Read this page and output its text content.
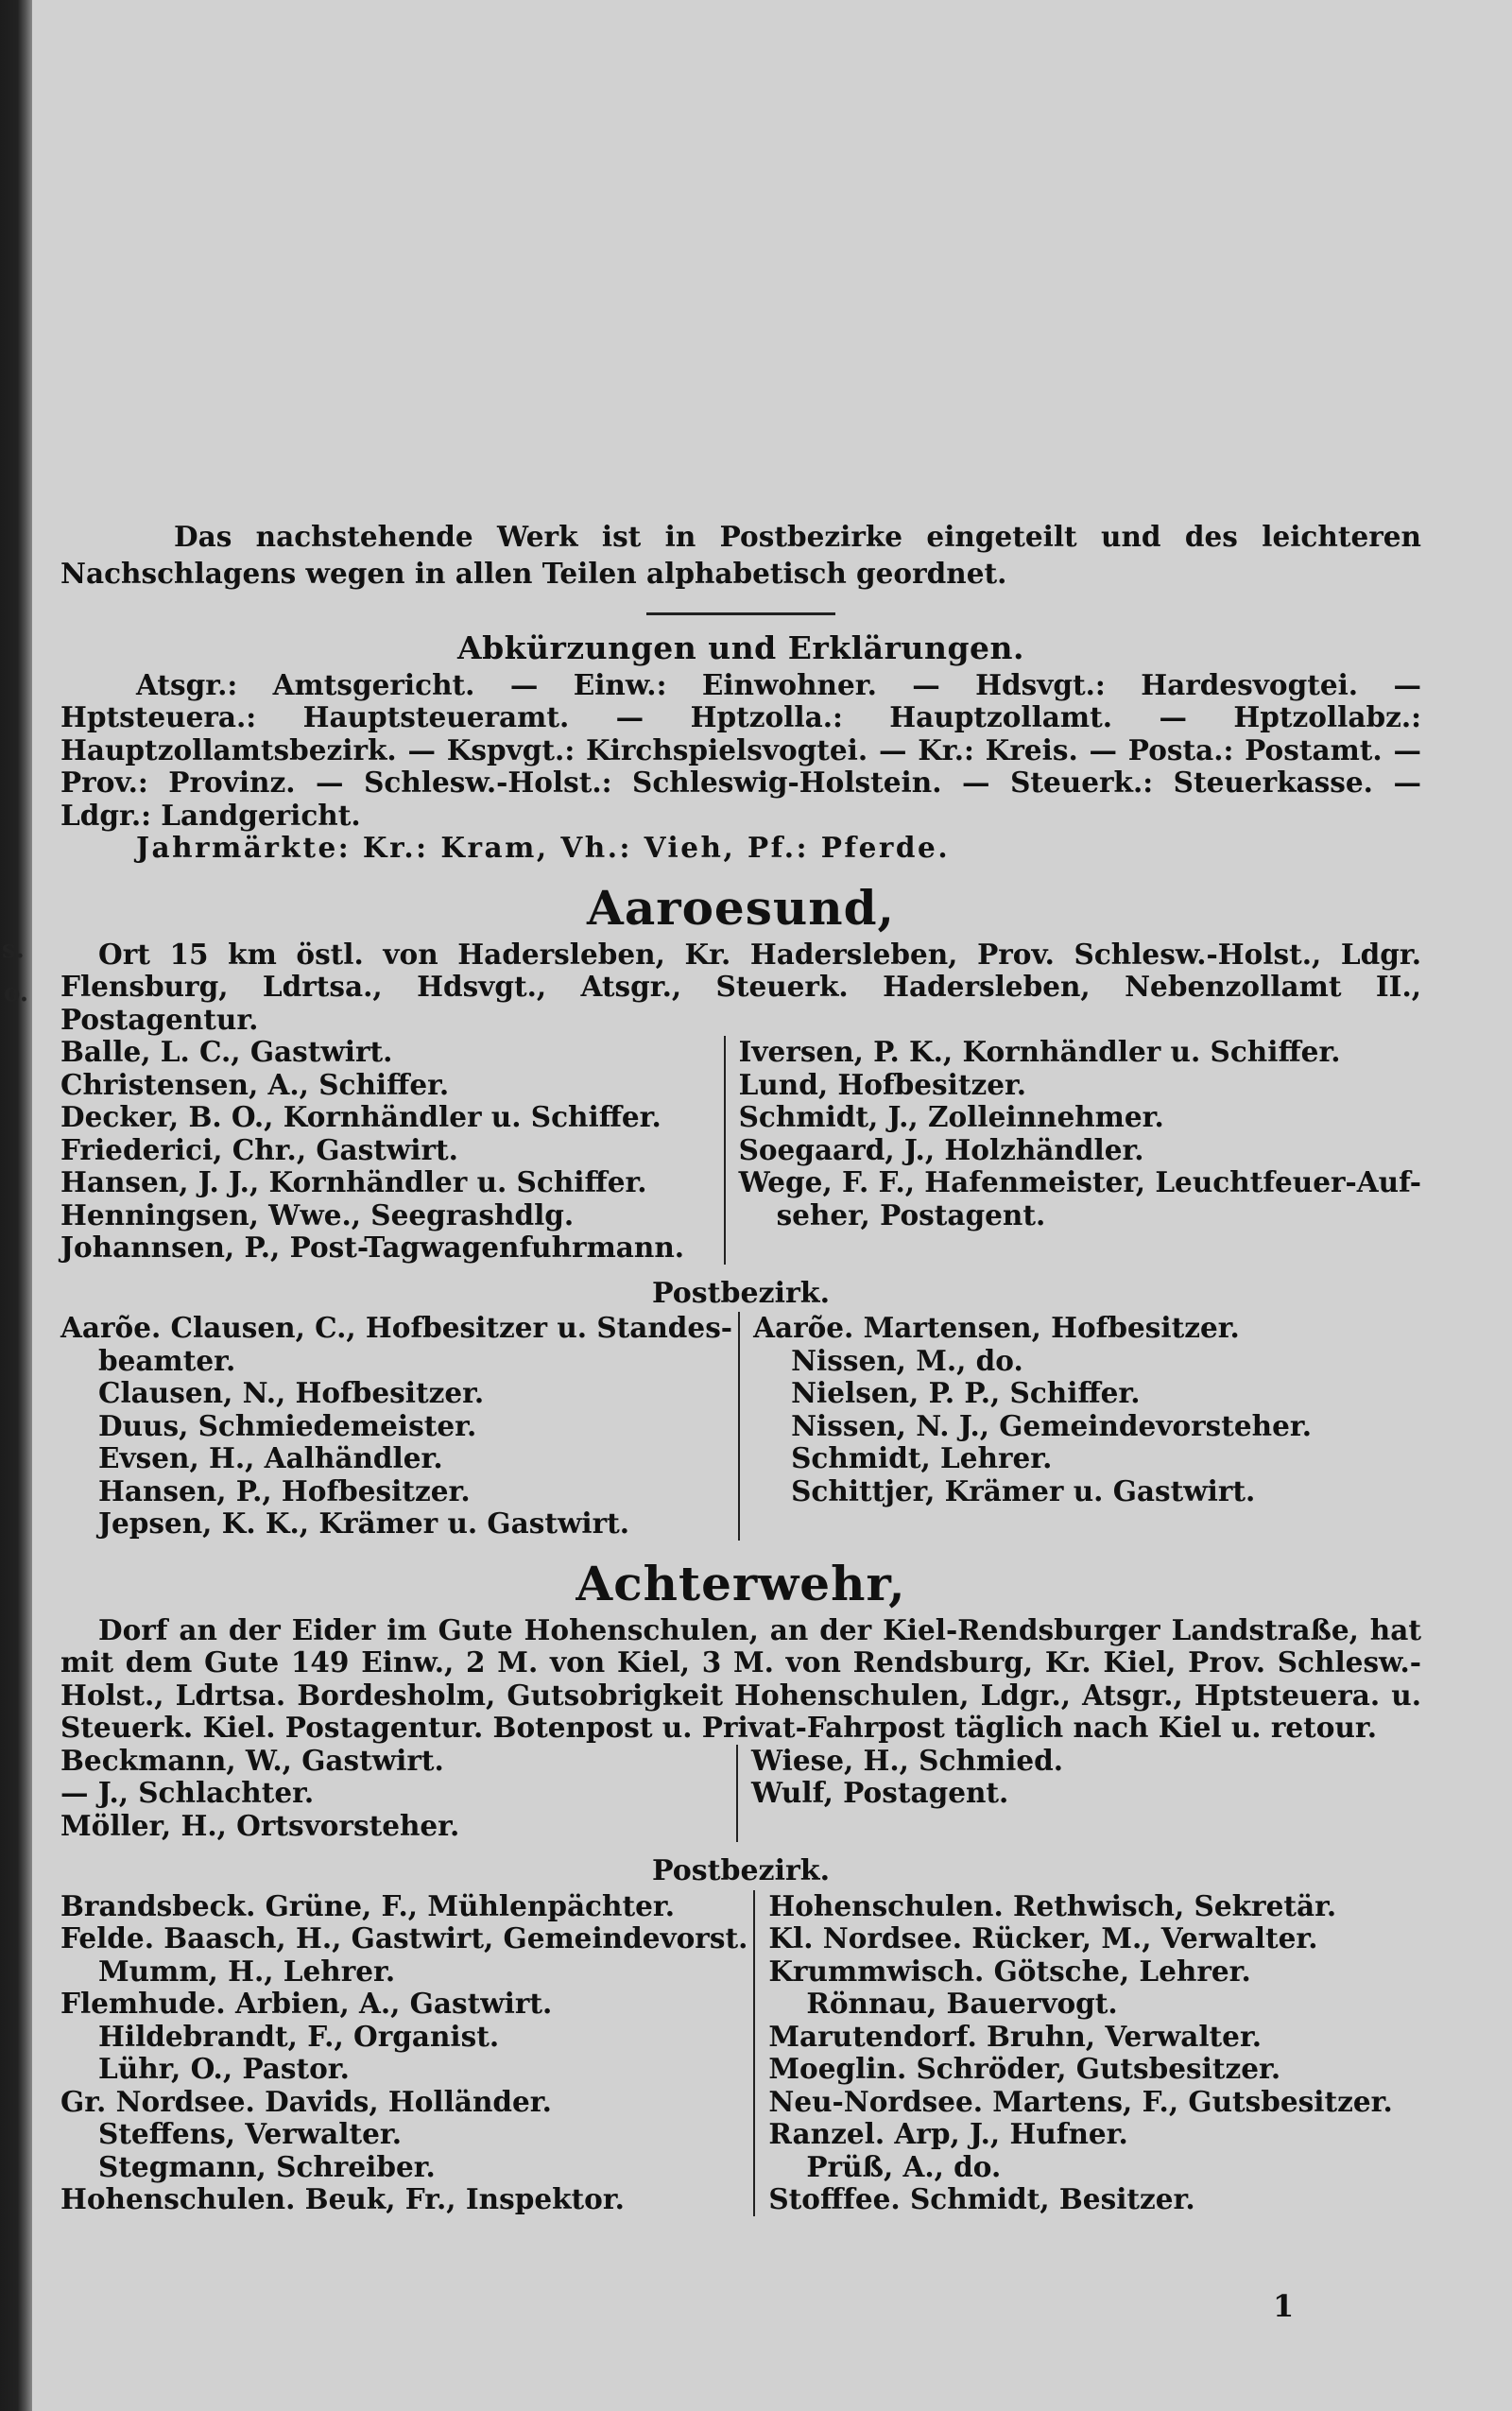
s.
o.

Das nachstehende Werk ist in Postbezirke eingeteilt und des leichteren Nachschlagens wegen in allen Teilen alphabetisch geordnet.

Abkürzungen und Erklärungen.

Atsgr.: Amtsgericht. — Einw.: Einwohner. — Hdsvgt.: Hardesvogtei. — Hptsteuera.: Hauptsteueramt. — Hptzolla.: Hauptzollamt. — Hptzollabz.: Hauptzollamtsbezirk. — Kspvgt.: Kirchspielsvogtei. — Kr.: Kreis. — Posta.: Postamt. — Prov.: Provinz. — Schlesw.-Holst.: Schleswig-Holstein. — Steuerk.: Steuerkasse. — Ldgr.: Landgericht.

Jahrmärkte: Kr.: Kram, Vh.: Vieh, Pf.: Pferde.

Aaroesund,

Ort 15 km östl. von Hadersleben, Kr. Hadersleben, Prov. Schlesw.-Holst., Ldgr. Flensburg, Ldrtsa., Hdsvgt., Atsgr., Steuerk. Hadersleben, Nebenzollamt II., Postagentur.

Balle, L. C., Gastwirt.
Christensen, A., Schiffer.
Decker, B. O., Kornhändler u. Schiffer.
Friederici, Chr., Gastwirt.
Hansen, J. J., Kornhändler u. Schiffer.
Henningsen, Wwe., Seegrashdlg.
Johannsen, P., Post-Tagwagenfuhrmann.
Iversen, P. K., Kornhändler u. Schiffer.
Lund, Hofbesitzer.
Schmidt, J., Zolleinnehmer.
Soegaard, J., Holzhändler.
Wege, F. F., Hafenmeister, Leuchtfeuer-Auf-
seher, Postagent.
Postbezirk.
Aarõe. Clausen, C., Hofbesitzer u. Standes-
beamter.
Clausen, N., Hofbesitzer.
Duus, Schmiedemeister.
Evsen, H., Aalhändler.
Hansen, P., Hofbesitzer.
Jepsen, K. K., Krämer u. Gastwirt.
Aarõe. Martensen, Hofbesitzer.
Nissen, M., do.
Nielsen, P. P., Schiffer.
Nissen, N. J., Gemeindevorsteher.
Schmidt, Lehrer.
Schittjer, Krämer u. Gastwirt.
Achterwehr,

Dorf an der Eider im Gute Hohenschulen, an der Kiel-Rendsburger Landstraße, hat mit dem Gute 149 Einw., 2 M. von Kiel, 3 M. von Rendsburg, Kr. Kiel, Prov. Schlesw.-Holst., Ldrtsa. Bordesholm, Gutsobrigkeit Hohenschulen, Ldgr., Atsgr., Hptsteuera. u. Steuerk. Kiel. Postagentur. Botenpost u. Privat-Fahrpost täglich nach Kiel u. retour.

Beckmann, W., Gastwirt.
— J., Schlachter.
Möller, H., Ortsvorsteher.
Wiese, H., Schmied.
Wulf, Postagent.
Postbezirk.
Brandsbeck. Grüne, F., Mühlenpächter.
Felde. Baasch, H., Gastwirt, Gemeindevorst.
Mumm, H., Lehrer.
Flemhude. Arbien, A., Gastwirt.
Hildebrandt, F., Organist.
Lühr, O., Pastor.
Gr. Nordsee. Davids, Holländer.
Steffens, Verwalter.
Stegmann, Schreiber.
Hohenschulen. Beuk, Fr., Inspektor.
Hohenschulen. Rethwisch, Sekretär.
Kl. Nordsee. Rücker, M., Verwalter.
Krummwisch. Götsche, Lehrer.
Rönnau, Bauervogt.
Marutendorf. Bruhn, Verwalter.
Moeglin. Schröder, Gutsbesitzer.
Neu-Nordsee. Martens, F., Gutsbesitzer.
Ranzel. Arp, J., Hufner.
Prüß, A., do.
Stofffee. Schmidt, Besitzer.
1
